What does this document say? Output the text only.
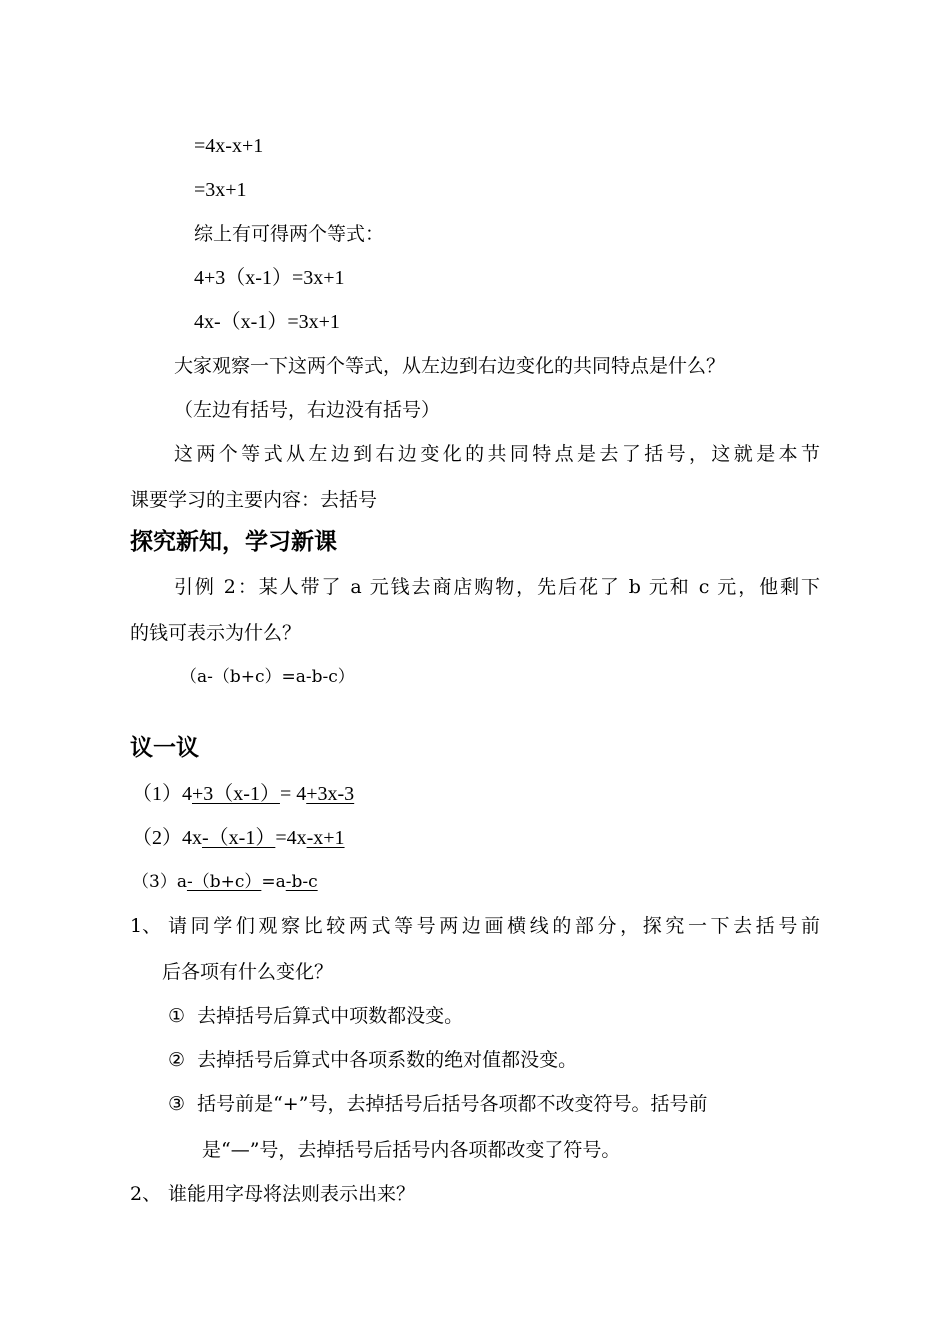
=4x-x+1
=3x+1
综上有可得两个等式：
4+3（x-1）=3x+1
4x-（x-1）=3x+1
大家观察一下这两个等式，从左边到右边变化的共同特点是什么？
（左边有括号，右边没有括号）
这两个等式从左边到右边变化的共同特点是去了括号，这就是本节
课要学习的主要内容：去括号
探究新知，学习新课
引例 2：某人带了 a 元钱去商店购物，先后花了 b 元和 c 元，他剩下
的钱可表示为什么？
（a-（b+c）=a-b-c）
议一议
（1）4+3（x-1）= 4+3x-3
（2）4x-（x-1）=4x-x+1
（3）a-（b+c）=a-b-c
1、 请同学们观察比较两式等号两边画横线的部分，探究一下去括号前
后各项有什么变化？
① 去掉括号后算式中项数都没变。
② 去掉括号后算式中各项系数的绝对值都没变。
③ 括号前是“+”号，去掉括号后括号各项都不改变符号。括号前
是“—”号，去掉括号后括号内各项都改变了符号。
2、 谁能用字母将法则表示出来？
